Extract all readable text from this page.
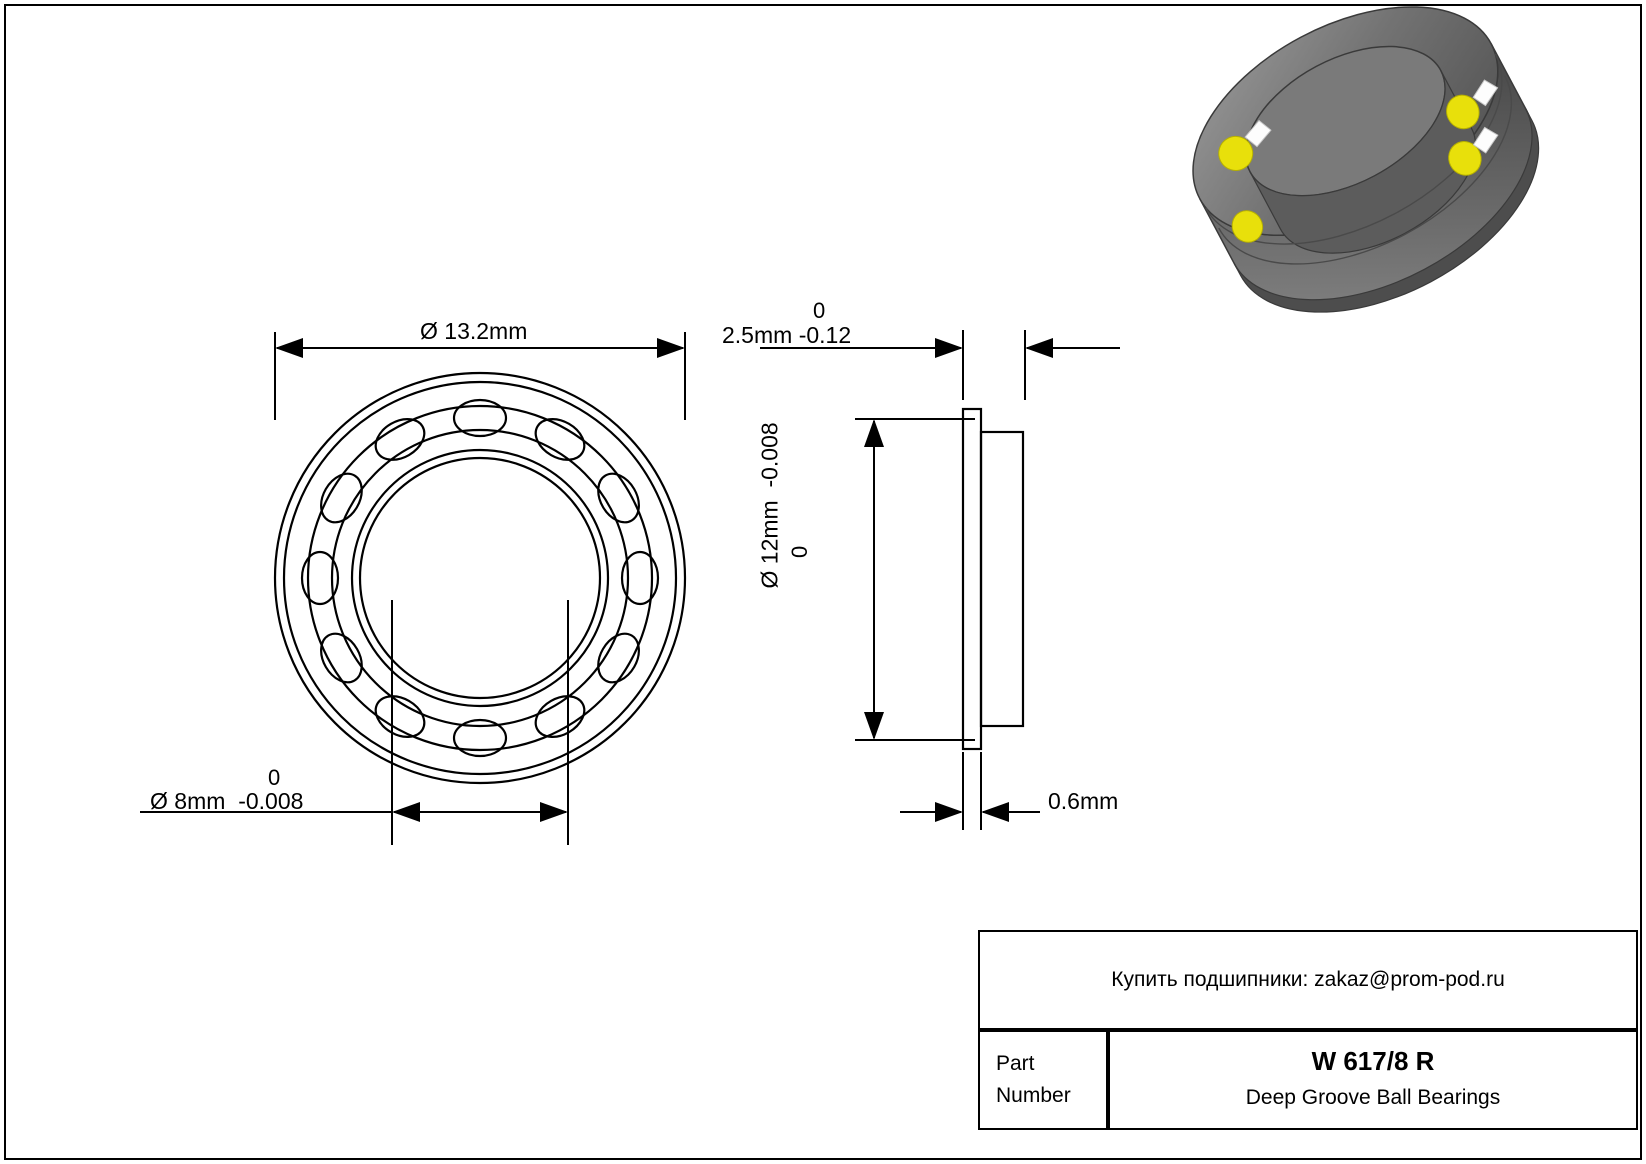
Ø 13.2mm
0
Ø 8mm -0.008
0
2.5mm -0.12
Ø 12mm  -0.008
0
0.6mm
Купить подшипники: zakaz@prom-pod.ru
Part
Number
W 617/8 R
Deep Groove Ball Bearings
